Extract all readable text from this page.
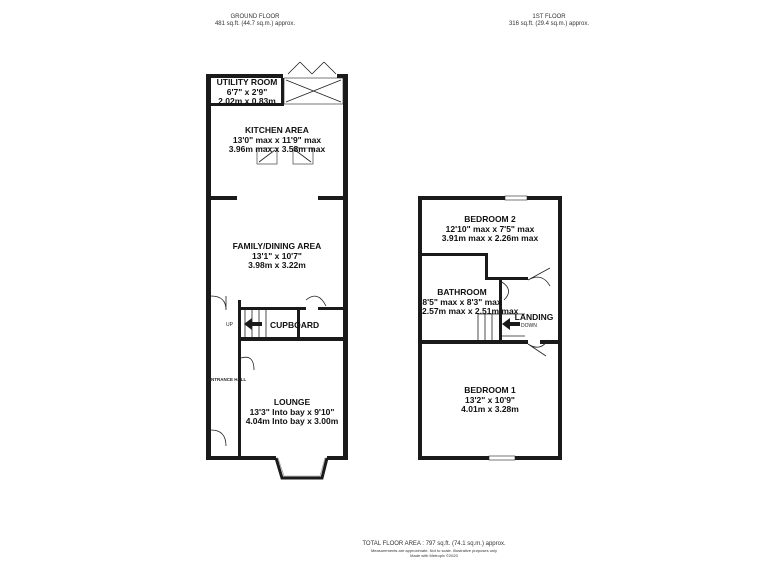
GROUND FLOOR
481 sq.ft. (44.7 sq.m.) approx.
1ST FLOOR
316 sq.ft. (29.4 sq.m.) approx.
UTILITY ROOM
6'7" x 2'9"
2.02m x 0.83m
KITCHEN AREA
13'0" max x 11'9" max
3.96m max x 3.58m max
FAMILY/DINING AREA
13'1" x 10'7"
3.98m x 3.22m
CUPBOARD
LOUNGE
13'3" Into bay x 9'10"
4.04m Into bay x 3.00m
ENTRANCE HALL
UP
BEDROOM 2
12'10" max x 7'5" max
3.91m max x 2.26m max
BATHROOM
8'5" max x 8'3" max
2.57m max x 2.51m max
LANDING
DOWN
BEDROOM 1
13'2" x 10'9"
4.01m x 3.28m
TOTAL FLOOR AREA : 797 sq.ft. (74.1 sq.m.) approx.
Measurements are approximate. Not to scale. Illustrative purposes only
Made with Metropix ©2020
